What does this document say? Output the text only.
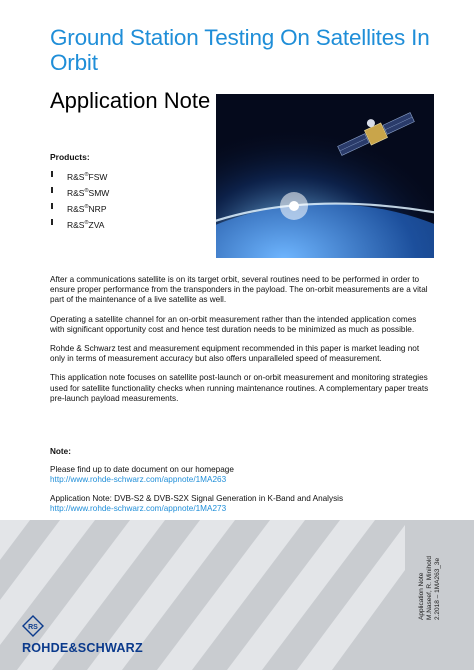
Ground Station Testing On Satellites In Orbit
Application Note
Products:
R&S®FSW
R&S®SMW
R&S®NRP
R&S®ZVA

After a communications satellite is on its target orbit, several routines need to be performed in order to ensure proper performance from the transponders in the payload. The on-orbit measurements are a vital part of the maintenance of a live satellite as well.

Operating a satellite channel for an on-orbit measurement rather than the intended application comes with significant opportunity cost and hence test duration needs to be minimized as much as possible.

Rohde & Schwarz test and measurement equipment recommended in this paper is market leading not only in terms of measurement accuracy but also offers unparalleled speed of measurement.

This application note focuses on satellite post-launch or on-orbit measurement and monitoring strategies used for satellite functionality checks when running maintenance routines. A complementary paper treats pre-launch payload measurements.

Note:
Please find up to date document on our homepage
http://www.rohde-schwarz.com/appnote/1MA263
Application Note: DVB-S2 & DVB-S2X Signal Generation in K-Band and Analysis
http://www.rohde-schwarz.com/appnote/1MA273
Application Note M.Naseef, R. Minihold 2.2018 – 1MA263_3e
RS
ROHDE&SCHWARZ
